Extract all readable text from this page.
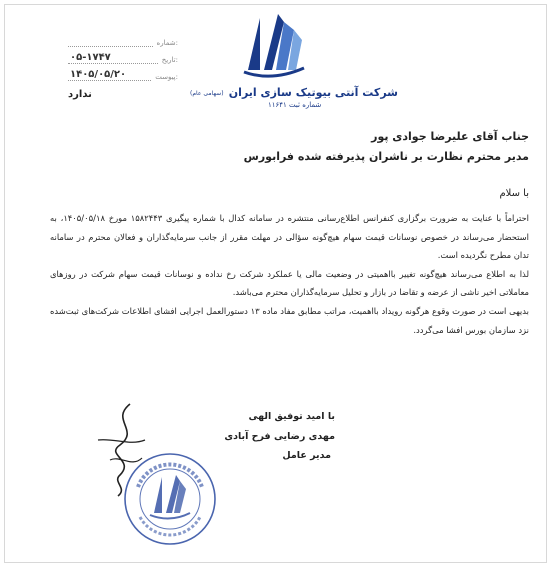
شرکت آنتی بیوتیک سازی ایران
(سهامی عام)
شماره ثبت ۱۱۶۴۱
شماره:
تاریخ:
۰۵-۱۷۴۷
پیوست:
۱۴۰۵/۰۵/۲۰
ندارد
جناب آقای علیرضا جوادی پور
مدیر محترم نظارت بر ناشران پذیرفته شده فرابورس
با سلام

احتراماً با عنایت به ضرورت برگزاری کنفرانس اطلاع‌رسانی منتشره در سامانه کدال با شماره پیگیری ۱۵۸۲۴۴۳ مورخ ۱۴۰۵/۰۵/۱۸، به استحضار می‌رساند در خصوص نوسانات قیمت سهام هیچ‌گونه سؤالی در مهلت مقرر از جانب سرمایه‌گذاران و فعالان محترم در سامانه تدان مطرح نگردیده است.

لذا به اطلاع می‌رساند هیچ‌گونه تغییر بااهمیتی در وضعیت مالی یا عملکرد شرکت رخ نداده و نوسانات قیمت سهام شرکت در روزهای معاملاتی اخیر ناشی از عرضه و تقاضا در بازار و تحلیل سرمایه‌گذاران محترم می‌باشد.

بدیهی است در صورت وقوع هرگونه رویداد بااهمیت، مراتب مطابق مفاد ماده ۱۳ دستورالعمل اجرایی افشای اطلاعات شرکت‌های ثبت‌شده نزد سازمان بورس افشا می‌گردد.

با امید توفیق الهی
مهدی رضایی فرح آبادی
مدیر عامل
